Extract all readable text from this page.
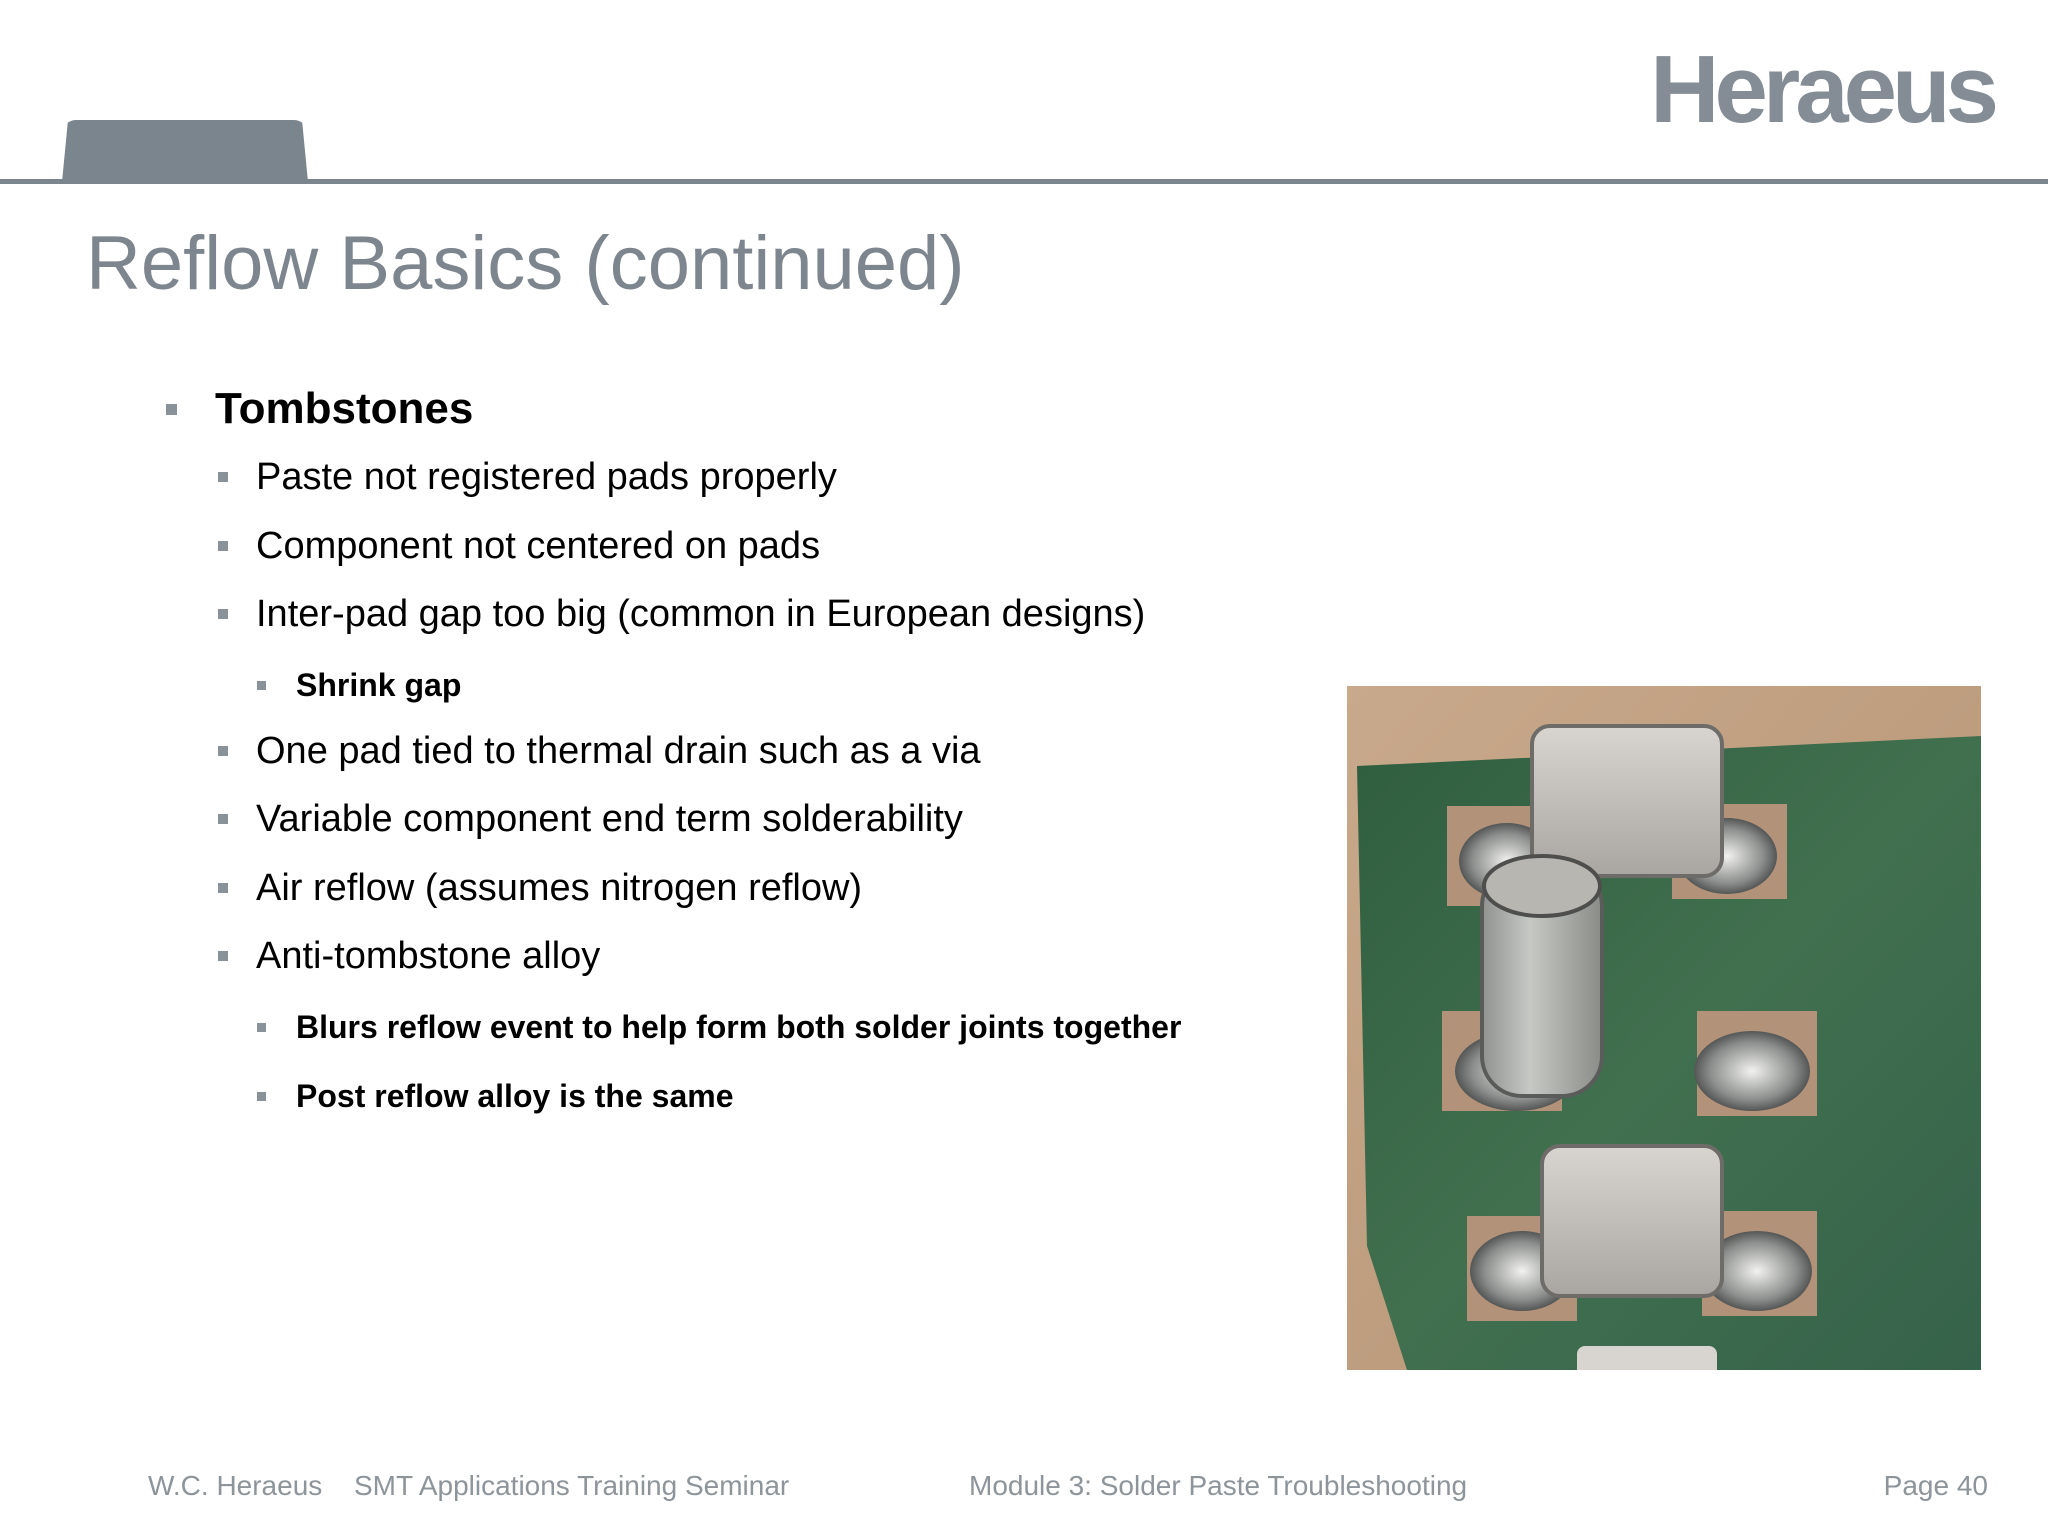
Heraeus
Reflow Basics (continued)
Tombstones
Paste not registered pads properly
Component not centered on pads
Inter-pad gap too big (common in European designs)
Shrink gap
One pad tied to thermal drain such as a via
Variable component end term solderability
Air reflow (assumes nitrogen reflow)
Anti-tombstone alloy
Blurs reflow event to help form both solder joints together
Post reflow alloy is the same
W.C. Heraeus SMT Applications Training Seminar	Module 3: Solder Paste Troubleshooting	Page 40
